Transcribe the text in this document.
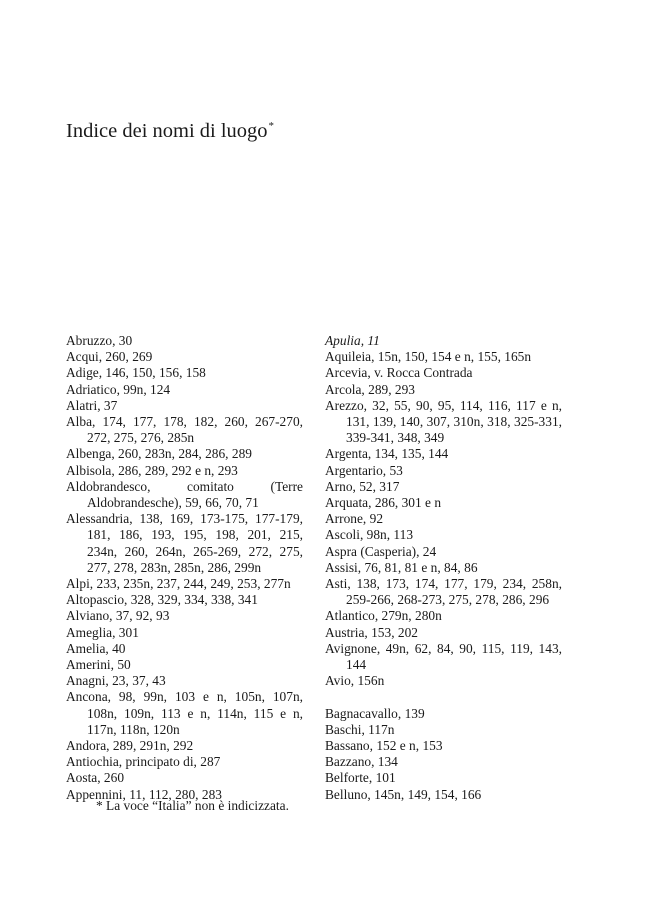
Indice dei nomi di luogo*
Abruzzo, 30
Acqui, 260, 269
Adige, 146, 150, 156, 158
Adriatico, 99n, 124
Alatri, 37
Alba, 174, 177, 178, 182, 260, 267-270, 272, 275, 276, 285n
Albenga, 260, 283n, 284, 286, 289
Albisola, 286, 289, 292 e n, 293
Aldobrandesco, comitato (Terre Aldobrandesche), 59, 66, 70, 71
Alessandria, 138, 169, 173-175, 177-179, 181, 186, 193, 195, 198, 201, 215, 234n, 260, 264n, 265-269, 272, 275, 277, 278, 283n, 285n, 286, 299n
Alpi, 233, 235n, 237, 244, 249, 253, 277n
Altopascio, 328, 329, 334, 338, 341
Alviano, 37, 92, 93
Ameglia, 301
Amelia, 40
Amerini, 50
Anagni, 23, 37, 43
Ancona, 98, 99n, 103 e n, 105n, 107n, 108n, 109n, 113 e n, 114n, 115 e n, 117n, 118n, 120n
Andora, 289, 291n, 292
Antiochia, principato di, 287
Aosta, 260
Appennini, 11, 112, 280, 283
Apulia, 11
Aquileia, 15n, 150, 154 e n, 155, 165n
Arcevia, v. Rocca Contrada
Arcola, 289, 293
Arezzo, 32, 55, 90, 95, 114, 116, 117 e n, 131, 139, 140, 307, 310n, 318, 325-331, 339-341, 348, 349
Argenta, 134, 135, 144
Argentario, 53
Arno, 52, 317
Arquata, 286, 301 e n
Arrone, 92
Ascoli, 98n, 113
Aspra (Casperia), 24
Assisi, 76, 81, 81 e n, 84, 86
Asti, 138, 173, 174, 177, 179, 234, 258n, 259-266, 268-273, 275, 278, 286, 296
Atlantico, 279n, 280n
Austria, 153, 202
Avignone, 49n, 62, 84, 90, 115, 119, 143, 144
Avio, 156n
Bagnacavallo, 139
Baschi, 117n
Bassano, 152 e n, 153
Bazzano, 134
Belforte, 101
Belluno, 145n, 149, 154, 166
* La voce “Italia” non è indicizzata.
